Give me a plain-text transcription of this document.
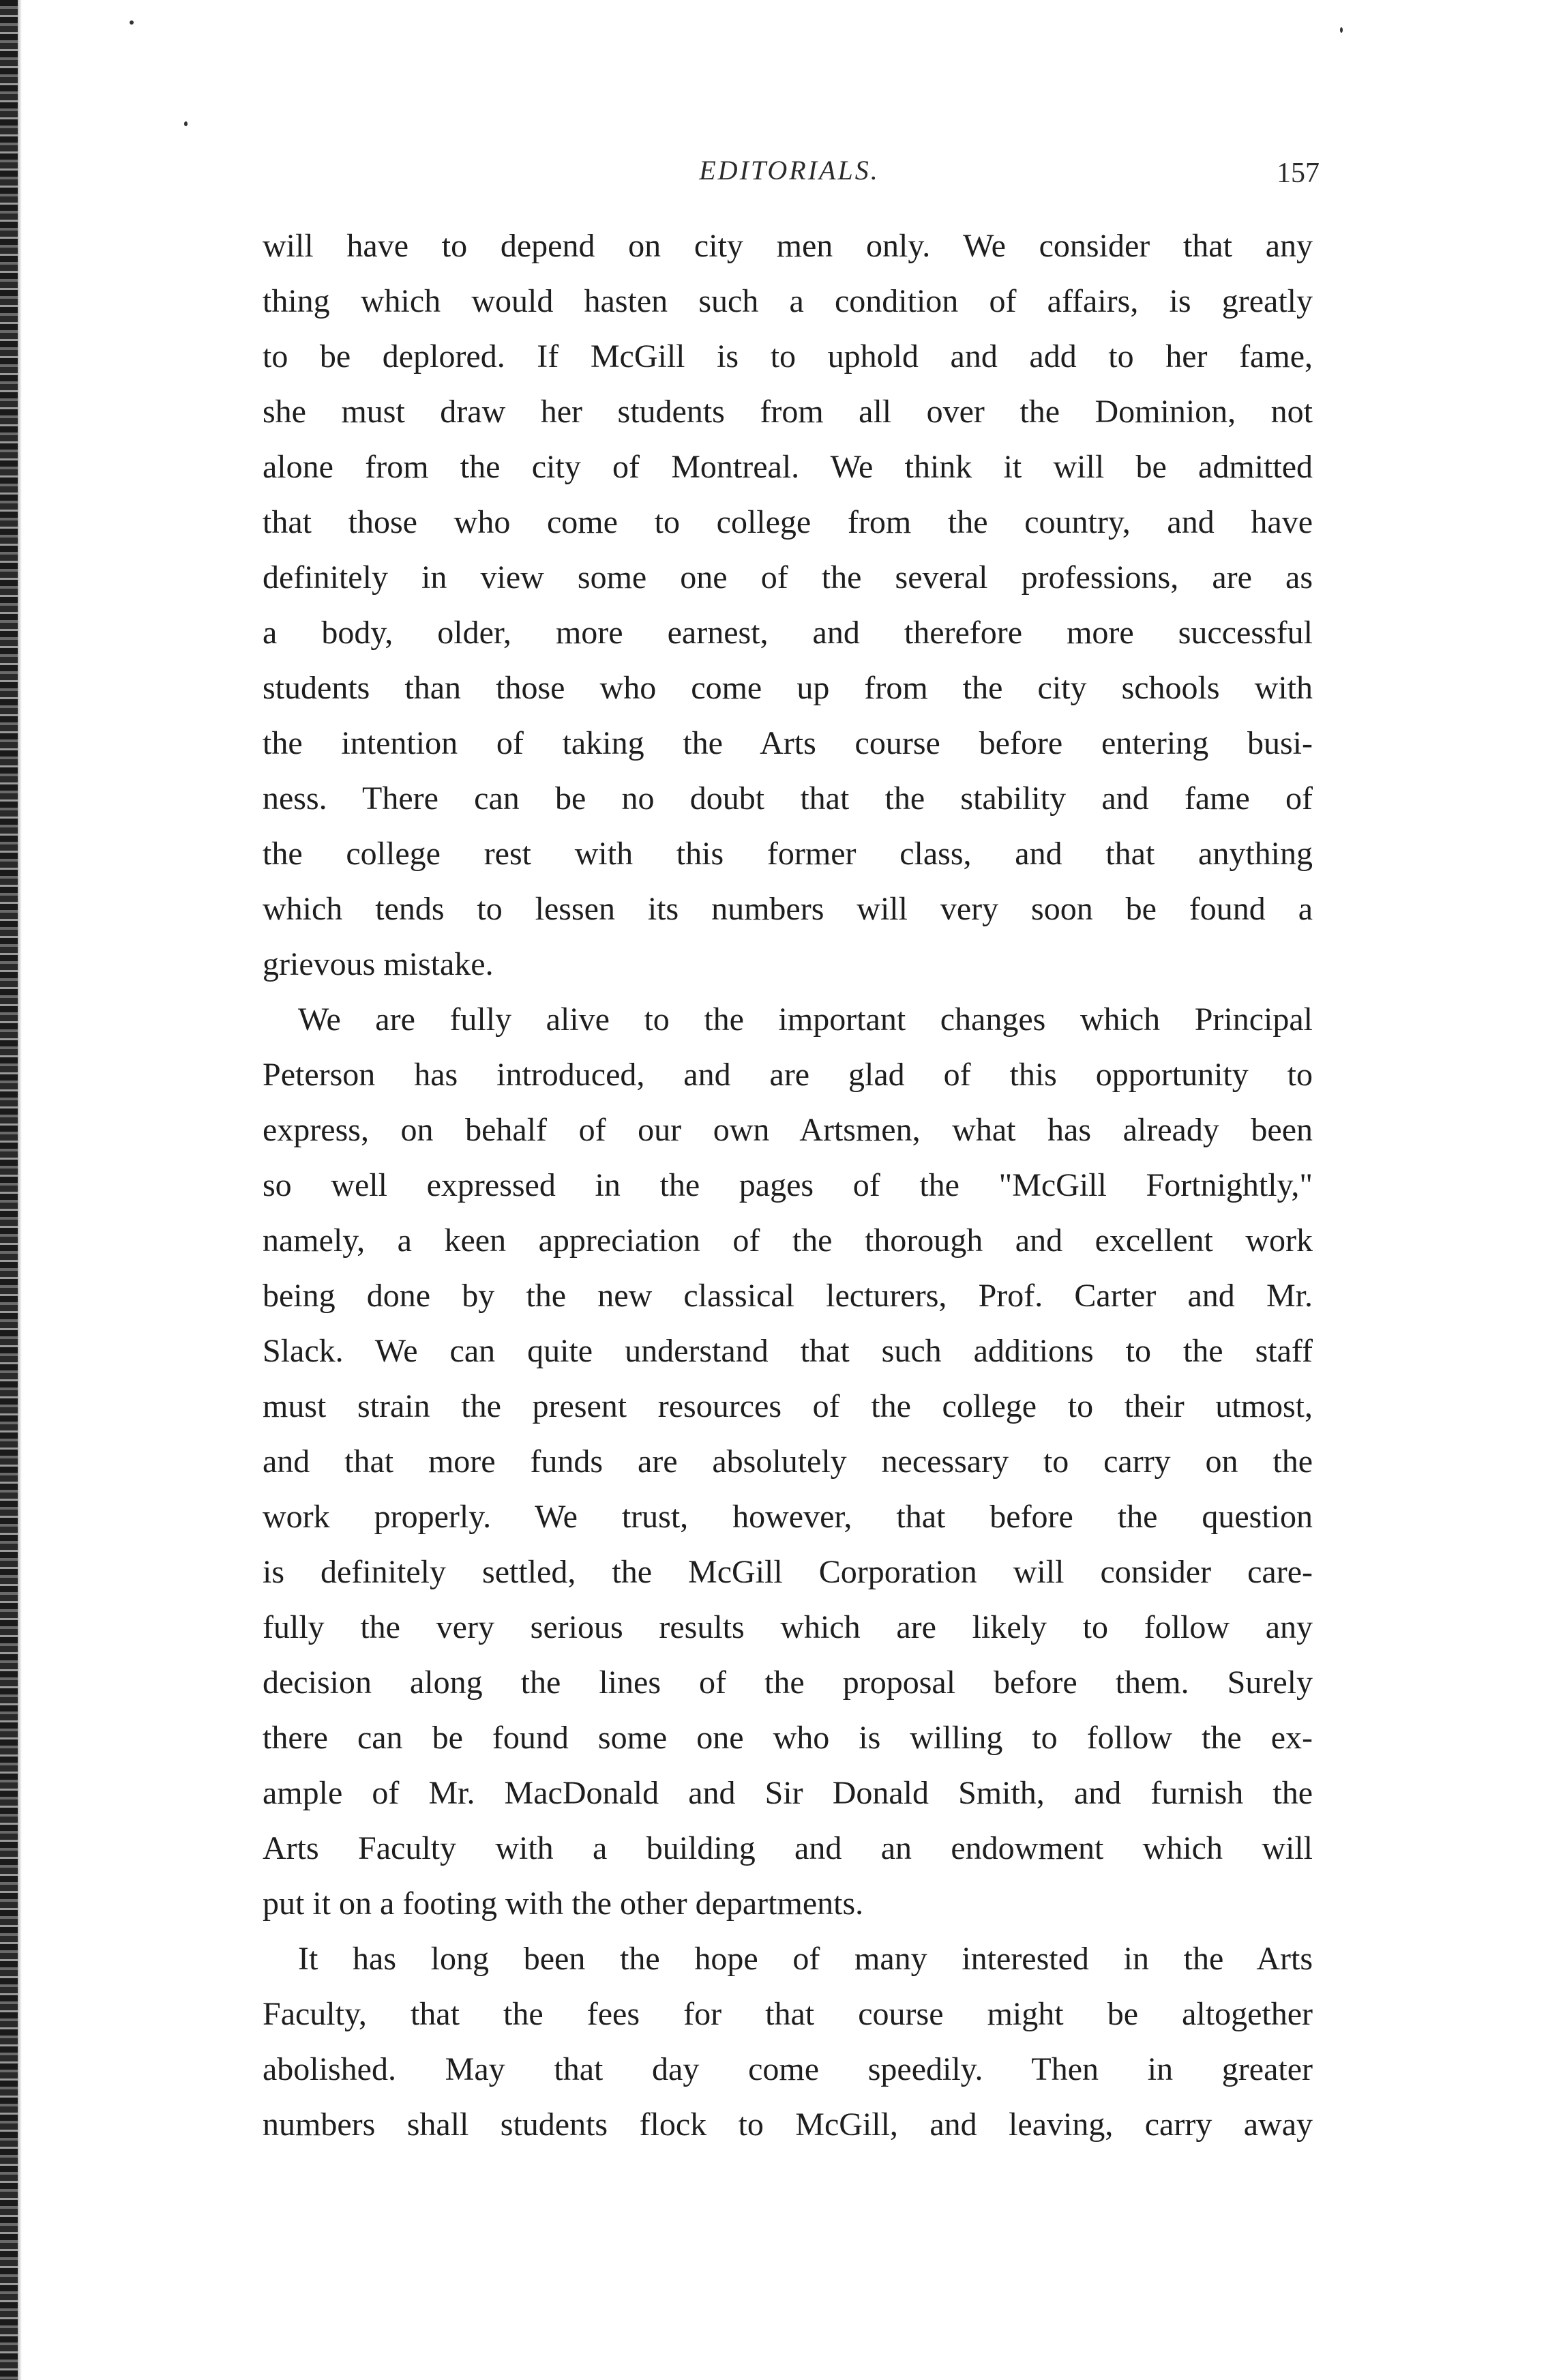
EDITORIALS.	157
will have to depend on city men only. We consider that any
thing which would hasten such a condition of affairs, is greatly
to be deplored. If McGill is to uphold and add to her fame,
she must draw her students from all over the Dominion, not
alone from the city of Montreal. We think it will be admitted
that those who come to college from the country, and have
definitely in view some one of the several professions, are as
a body, older, more earnest, and therefore more successful
students than those who come up from the city schools with
the intention of taking the Arts course before entering busi-
ness. There can be no doubt that the stability and fame of
the college rest with this former class, and that anything
which tends to lessen its numbers will very soon be found a
grievous mistake.
We are fully alive to the important changes which Principal
Peterson has introduced, and are glad of this opportunity to
express, on behalf of our own Artsmen, what has already been
so well expressed in the pages of the "McGill Fortnightly,"
namely, a keen appreciation of the thorough and excellent work
being done by the new classical lecturers, Prof. Carter and Mr.
Slack. We can quite understand that such additions to the staff
must strain the present resources of the college to their utmost,
and that more funds are absolutely necessary to carry on the
work properly. We trust, however, that before the question
is definitely settled, the McGill Corporation will consider care-
fully the very serious results which are likely to follow any
decision along the lines of the proposal before them. Surely
there can be found some one who is willing to follow the ex-
ample of Mr. MacDonald and Sir Donald Smith, and furnish the
Arts Faculty with a building and an endowment which will
put it on a footing with the other departments.
It has long been the hope of many interested in the Arts
Faculty, that the fees for that course might be altogether
abolished. May that day come speedily. Then in greater
numbers shall students flock to McGill, and leaving, carry away
